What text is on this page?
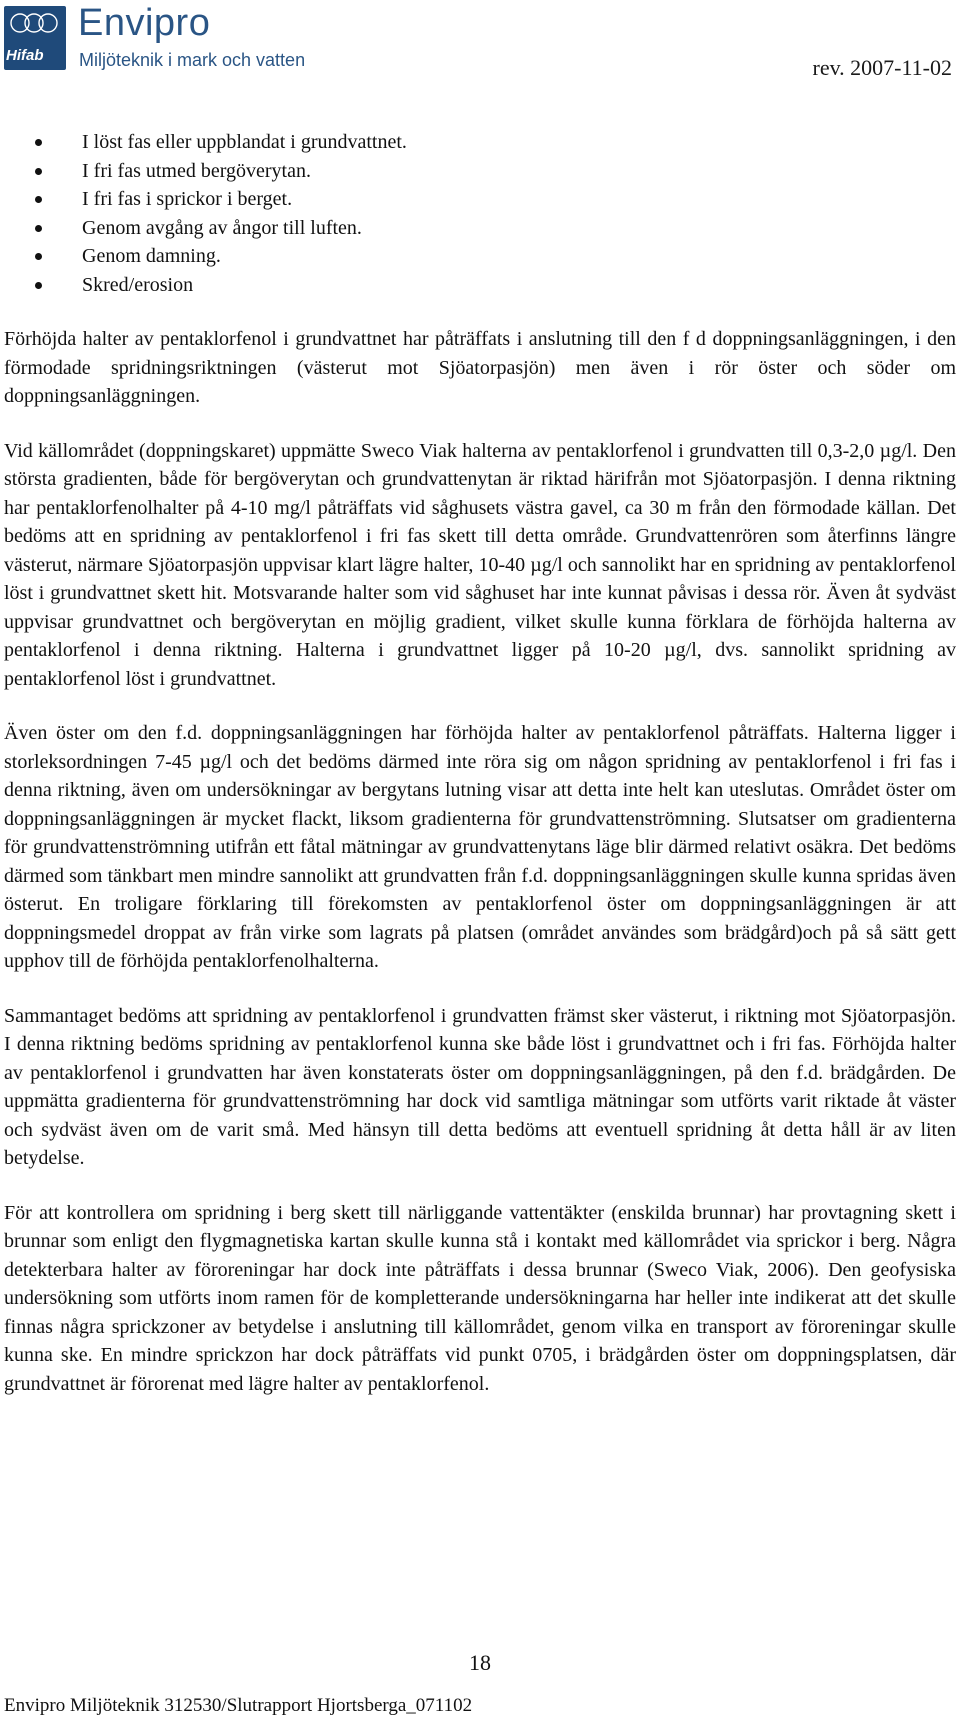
Hifab
Envipro
Miljöteknik i mark och vatten	rev. 2007-11-02
I löst fas eller uppblandat i grundvattnet.
I fri fas utmed bergöverytan.
I fri fas i sprickor i berget.
Genom avgång av ångor till luften.
Genom damning.
Skred/erosion

Förhöjda halter av pentaklorfenol i grundvattnet har påträffats i anslutning till den f d doppningsanläggningen, i den förmodade spridningsriktningen (västerut mot Sjöatorpasjön) men även i rör öster och söder om doppningsanläggningen.

Vid källområdet (doppningskaret) uppmätte Sweco Viak halterna av pentaklorfenol i grundvatten till 0,3-2,0 µg/l. Den största gradienten, både för bergöverytan och grundvattenytan är riktad härifrån mot Sjöatorpasjön. I denna riktning har pentaklorfenolhalter på 4-10 mg/l påträffats vid såghusets västra gavel, ca 30 m från den förmodade källan. Det bedöms att en spridning av pentaklorfenol i fri fas skett till detta område. Grundvattenrören som återfinns längre västerut, närmare Sjöatorpasjön uppvisar klart lägre halter, 10-40 µg/l och sannolikt har en spridning av pentaklorfenol löst i grundvattnet skett hit. Motsvarande halter som vid såghuset har inte kunnat påvisas i dessa rör. Även åt sydväst uppvisar grundvattnet och bergöverytan en möjlig gradient, vilket skulle kunna förklara de förhöjda halterna av pentaklorfenol i denna riktning. Halterna i grundvattnet ligger på 10-20 µg/l, dvs. sannolikt spridning av pentaklorfenol löst i grundvattnet.

Även öster om den f.d. doppningsanläggningen har förhöjda halter av pentaklorfenol påträffats. Halterna ligger i storleksordningen 7-45 µg/l och det bedöms därmed inte röra sig om någon spridning av pentaklorfenol i fri fas i denna riktning, även om undersökningar av bergytans lutning visar att detta inte helt kan uteslutas. Området öster om doppningsanläggningen är mycket flackt, liksom gradienterna för grundvattenströmning. Slutsatser om gradienterna för grundvattenströmning utifrån ett fåtal mätningar av grundvattenytans läge blir därmed relativt osäkra. Det bedöms därmed som tänkbart men mindre sannolikt att grundvatten från f.d. doppningsanläggningen skulle kunna spridas även österut. En troligare förklaring till förekomsten av pentaklorfenol öster om doppningsanläggningen är att doppningsmedel droppat av från virke som lagrats på platsen (området användes som brädgård)och på så sätt gett upphov till de förhöjda pentaklorfenolhalterna.

Sammantaget bedöms att spridning av pentaklorfenol i grundvatten främst sker västerut, i riktning mot Sjöatorpasjön. I denna riktning bedöms spridning av pentaklorfenol kunna ske både löst i grundvattnet och i fri fas. Förhöjda halter av pentaklorfenol i grundvatten har även konstaterats öster om doppningsanläggningen, på den f.d. brädgården. De uppmätta gradienterna för grundvattenströmning har dock vid samtliga mätningar som utförts varit riktade åt väster och sydväst även om de varit små. Med hänsyn till detta bedöms att eventuell spridning åt detta håll är av liten betydelse.

För att kontrollera om spridning i berg skett till närliggande vattentäkter (enskilda brunnar) har provtagning skett i brunnar som enligt den flygmagnetiska kartan skulle kunna stå i kontakt med källområdet via sprickor i berg. Några detekterbara halter av föroreningar har dock inte påträffats i dessa brunnar (Sweco Viak, 2006). Den geofysiska undersökning som utförts inom ramen för de kompletterande undersökningarna har heller inte indikerat att det skulle finnas några sprickzoner av betydelse i anslutning till källområdet, genom vilka en transport av föroreningar skulle kunna ske. En mindre sprickzon har dock påträffats vid punkt 0705, i brädgården öster om doppningsplatsen, där grundvattnet är förorenat med lägre halter av pentaklorfenol.

18
Envipro Miljöteknik 312530/Slutrapport Hjortsberga_071102
